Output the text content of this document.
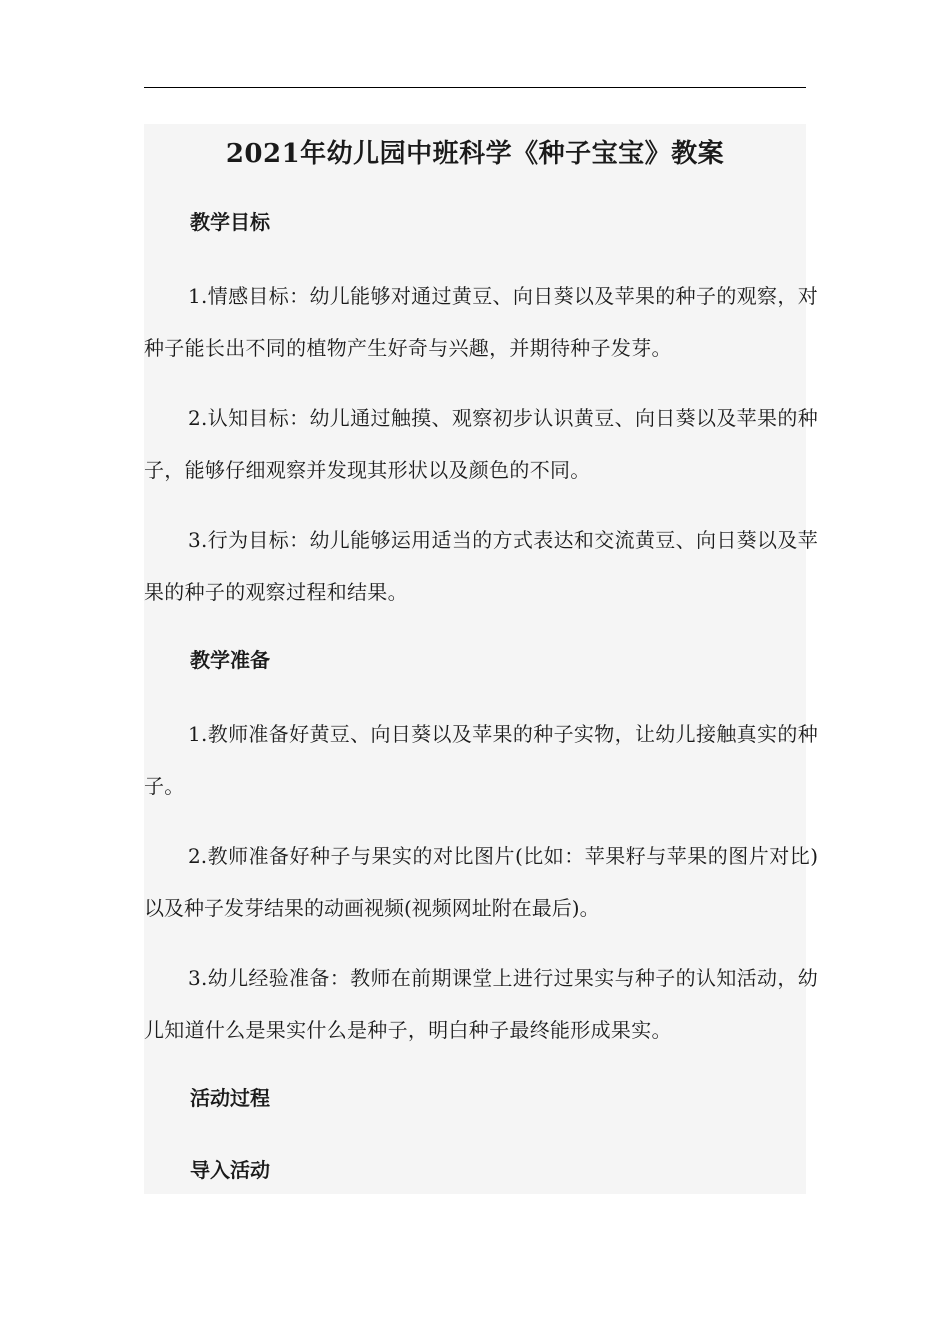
2021年幼儿园中班科学《种子宝宝》教案
教学目标

1.情感目标：幼儿能够对通过黄豆、向日葵以及苹果的种子的观察，对种子能长出不同的植物产生好奇与兴趣，并期待种子发芽。

2.认知目标：幼儿通过触摸、观察初步认识黄豆、向日葵以及苹果的种子，能够仔细观察并发现其形状以及颜色的不同。

3.行为目标：幼儿能够运用适当的方式表达和交流黄豆、向日葵以及苹果的种子的观察过程和结果。

教学准备

1.教师准备好黄豆、向日葵以及苹果的种子实物，让幼儿接触真实的种子。

2.教师准备好种子与果实的对比图片(比如：苹果籽与苹果的图片对比)以及种子发芽结果的动画视频(视频网址附在最后)。

3.幼儿经验准备：教师在前期课堂上进行过果实与种子的认知活动，幼儿知道什么是果实什么是种子，明白种子最终能形成果实。

活动过程
导入活动
